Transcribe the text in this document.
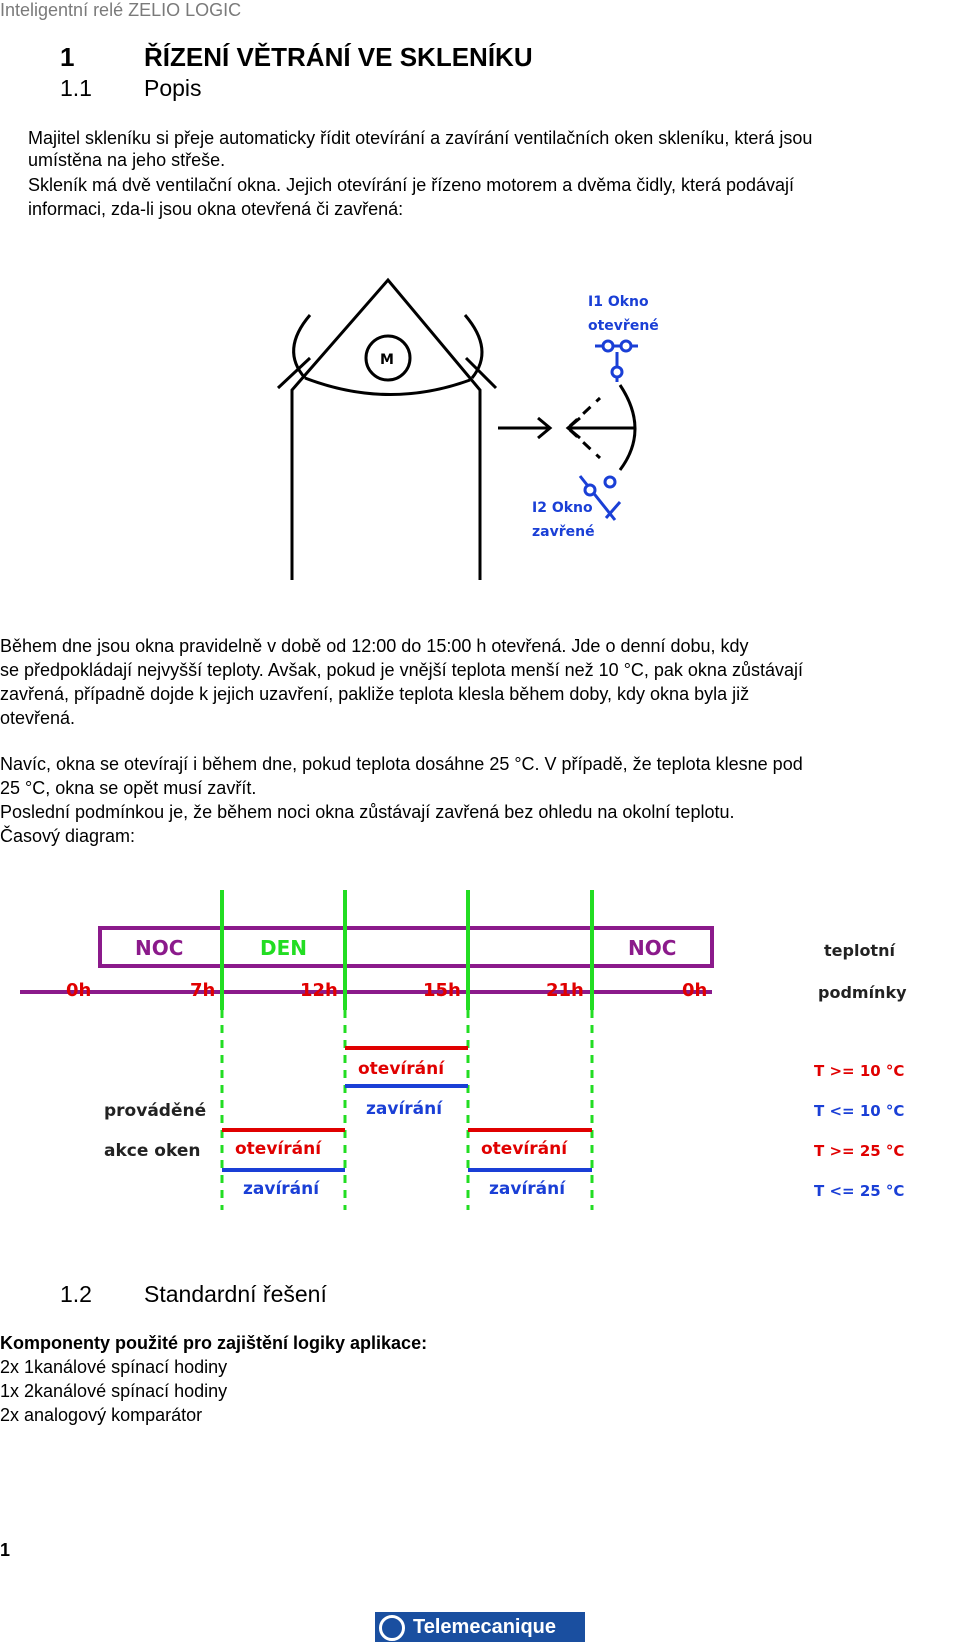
Inteligentní relé ZELIO LOGIC
1	ŘÍZENÍ VĚTRÁNÍ VE SKLENÍKU
1.1 Popis
Majitel skleníku si přeje automaticky řídit otevírání a zavírání ventilačních oken skleníku, která jsou
umístěna na jeho střeše.
Skleník má dvě ventilační okna. Jejich otevírání je řízeno motorem a dvěma čidly, která podávají
informaci, zda-li jsou okna otevřená či zavřená:
M
I1 Okno
otevřené
I2 Okno
zavřené
Během dne jsou okna pravidelně v době od 12:00 do 15:00 h otevřená. Jde o denní dobu, kdy
se předpokládají nejvyšší teploty. Avšak, pokud je vnější teplota menší než 10 °C, pak okna zůstávají
zavřená, případně dojde k jejich uzavření, pakliže teplota klesla během doby, kdy okna byla již
otevřená.
Navíc, okna se otevírají i během dne, pokud teplota dosáhne 25 °C. V případě, že teplota klesne pod
25 °C, okna se opět musí zavřít.
Poslední podmínkou je, že během noci okna zůstávají zavřená bez ohledu na okolní teplotu.
Časový diagram:
NOC	DEN	NOC
0h	7h	12h	15h	21h	0h
teplotní
podmínky
otevírání
zavírání
prováděné
akce oken otevírání
zavírání
otevírání
zavírání
T >= 10 °C
T <= 10 °C
T >= 25 °C
T <= 25 °C
1.2 Standardní řešení
Komponenty použité pro zajištění logiky aplikace:
2x 1kanálové spínací hodiny
1x 2kanálové spínací hodiny
2x analogový komparátor
1
Telemecanique
